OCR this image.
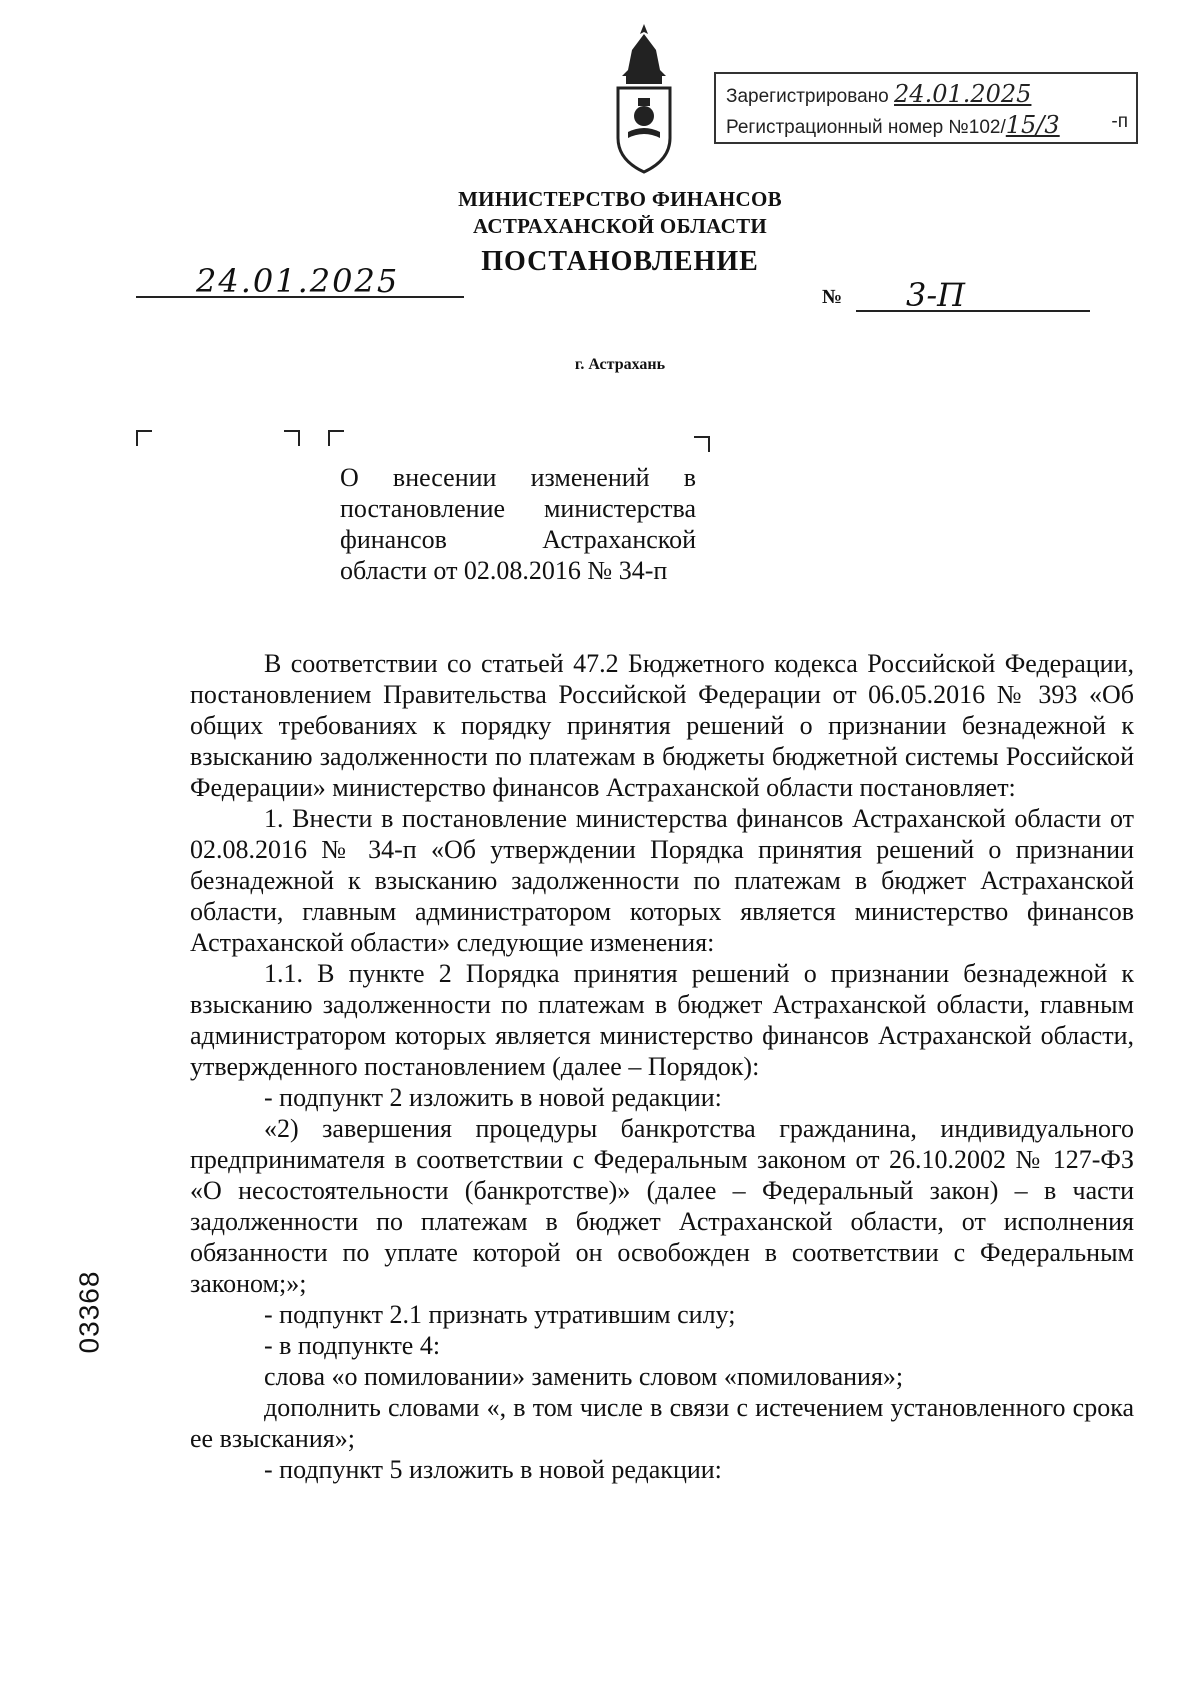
Зарегистрировано 24.01.2025
Регистрационный номер №102/15/3	-п
МИНИСТЕРСТВО ФИНАНСОВ
АСТРАХАНСКОЙ ОБЛАСТИ
ПОСТАНОВЛЕНИЕ
24.01.2025	№ 3-П
г. Астрахань
О внесении изменений в постановление министерства финансов Астраханской области от 02.08.2016 № 34-п

В соответствии со статьей 47.2 Бюджетного кодекса Российской Федерации, постановлением Правительства Российской Федерации от 06.05.2016 № 393 «Об общих требованиях к порядку принятия решений о признании безнадежной к взысканию задолженности по платежам в бюджеты бюджетной системы Российской Федерации» министерство финансов Астраханской области постановляет:

1. Внести в постановление министерства финансов Астраханской области от 02.08.2016 № 34-п «Об утверждении Порядка принятия решений о признании безнадежной к взысканию задолженности по платежам в бюджет Астраханской области, главным администратором которых является министерство финансов Астраханской области» следующие изменения:

1.1. В пункте 2 Порядка принятия решений о признании безнадежной к взысканию задолженности по платежам в бюджет Астраханской области, главным администратором которых является министерство финансов Астраханской области, утвержденного постановлением (далее – Порядок):

- подпункт 2 изложить в новой редакции:

«2) завершения процедуры банкротства гражданина, индивидуального предпринимателя в соответствии с Федеральным законом от 26.10.2002 № 127-ФЗ «О несостоятельности (банкротстве)» (далее – Федеральный закон) – в части задолженности по платежам в бюджет Астраханской области, от исполнения обязанности по уплате которой он освобожден в соответствии с Федеральным законом;»;

- подпункт 2.1 признать утратившим силу;

- в подпункте 4:

слова «о помиловании» заменить словом «помилования»;

дополнить словами «, в том числе в связи с истечением установленного срока ее взыскания»;

- подпункт 5 изложить в новой редакции:

03368
